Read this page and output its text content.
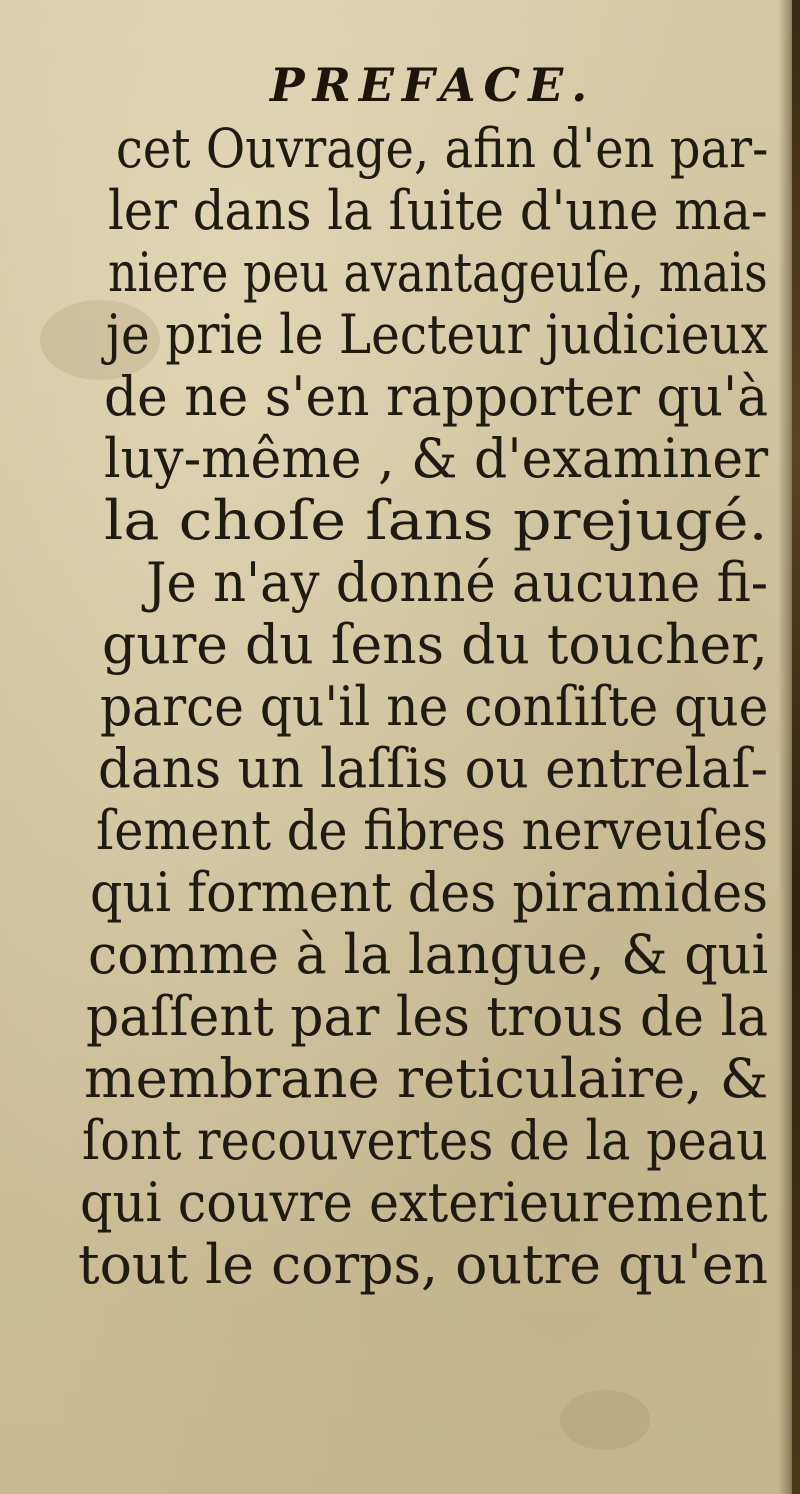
PREFACE.
cet Ouvrage, afin d'en par-
ler dans la ſuite d'une ma-
niere peu avantageuſe, mais
je prie le Lecteur judicieux
de ne s'en rapporter qu'à
luy-même , & d'examiner
la choſe ſans prejugé.
Je n'ay donné aucune fi-
gure du ſens du toucher,
parce qu'il ne conſiſte que
dans un laſſis ou entrelaſ-
ſement de fibres nerveuſes
qui forment des piramides
comme à la langue, & qui
paſſent par les trous de la
membrane reticulaire, &
ſont recouvertes de la peau
qui couvre exterieurement
tout le corps, outre qu'en
